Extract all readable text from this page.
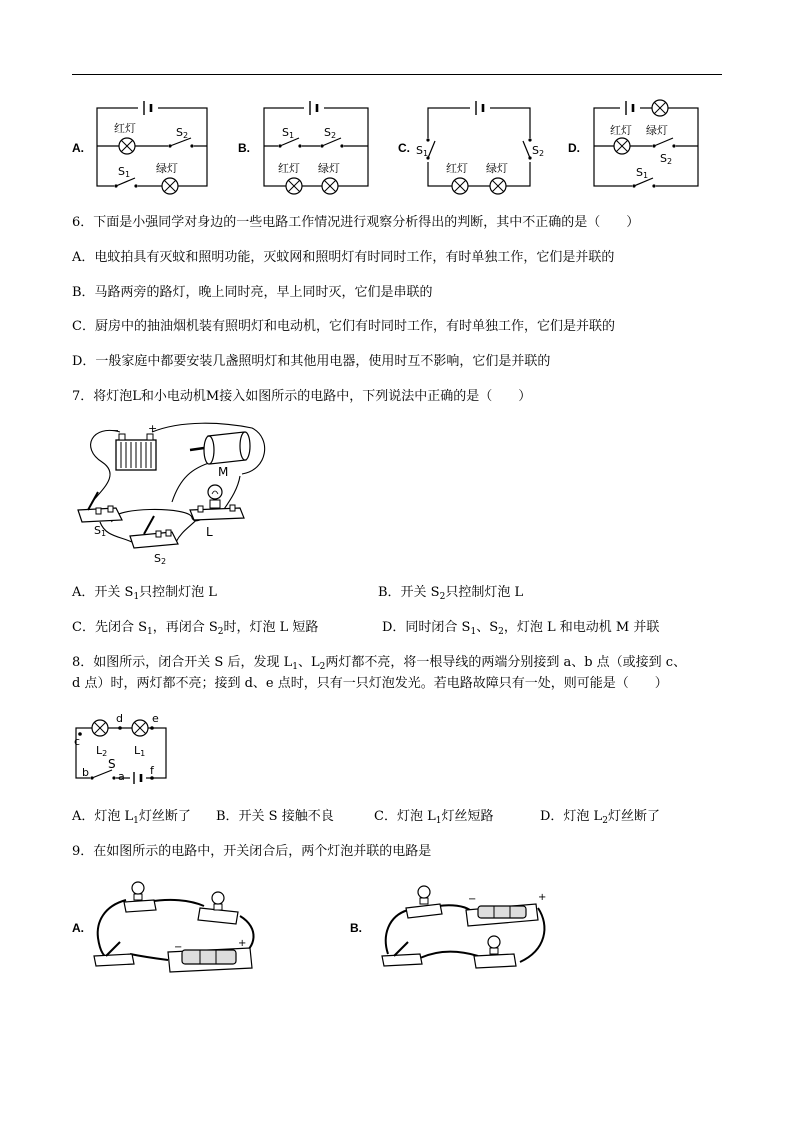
A.
红灯	S2
S1 绿灯
B.
S1	S2
红灯 绿灯
C. S1	S2
红灯 绿灯
D.
红灯 绿灯
S2
S1
6．下面是小强同学对身边的一些电路工作情况进行观察分析得出的判断，其中不正确的是（　　）
A．电蚊拍具有灭蚊和照明功能，灭蚊网和照明灯有时同时工作，有时单独工作，它们是并联的
B．马路两旁的路灯，晚上同时亮，早上同时灭，它们是串联的
C．厨房中的抽油烟机装有照明灯和电动机，它们有时同时工作，有时单独工作，它们是并联的
D．一般家庭中都要安装几盏照明灯和其他用电器，使用时互不影响，它们是并联的
7．将灯泡L和小电动机M接入如图所示的电路中，下列说法中正确的是（　　）
−	+
M
S1
S2
L
A．开关 $S_1$只控制灯泡 L	B．开关 $S_2$只控制灯泡 L
C．先闭合 $S_1$，再闭合 $S_2$时，灯泡 L 短路	D．同时闭合 $S_1$、$S_2$，灯泡 L 和电动机 M 并联
8．如图所示，闭合开关 S 后，发现 $L_1$、$L_2$两灯都不亮，将一根导线的两端分别接到 a、b 点（或接到 c、
d 点）时，两灯都不亮；接到 d、e 点时，只有一只灯泡发光。若电路故障只有一处，则可能是（　　）
c
d	e
b	a f
S
L2 L1
A．灯泡 $L_1$灯丝断了 B．开关 S 接触不良	C．灯泡 $L_1$灯丝短路	D．灯泡 $L_2$灯丝断了
9．在如图所示的电路中，开关闭合后，两个灯泡并联的电路是
A.
−	+
B.
−	+
